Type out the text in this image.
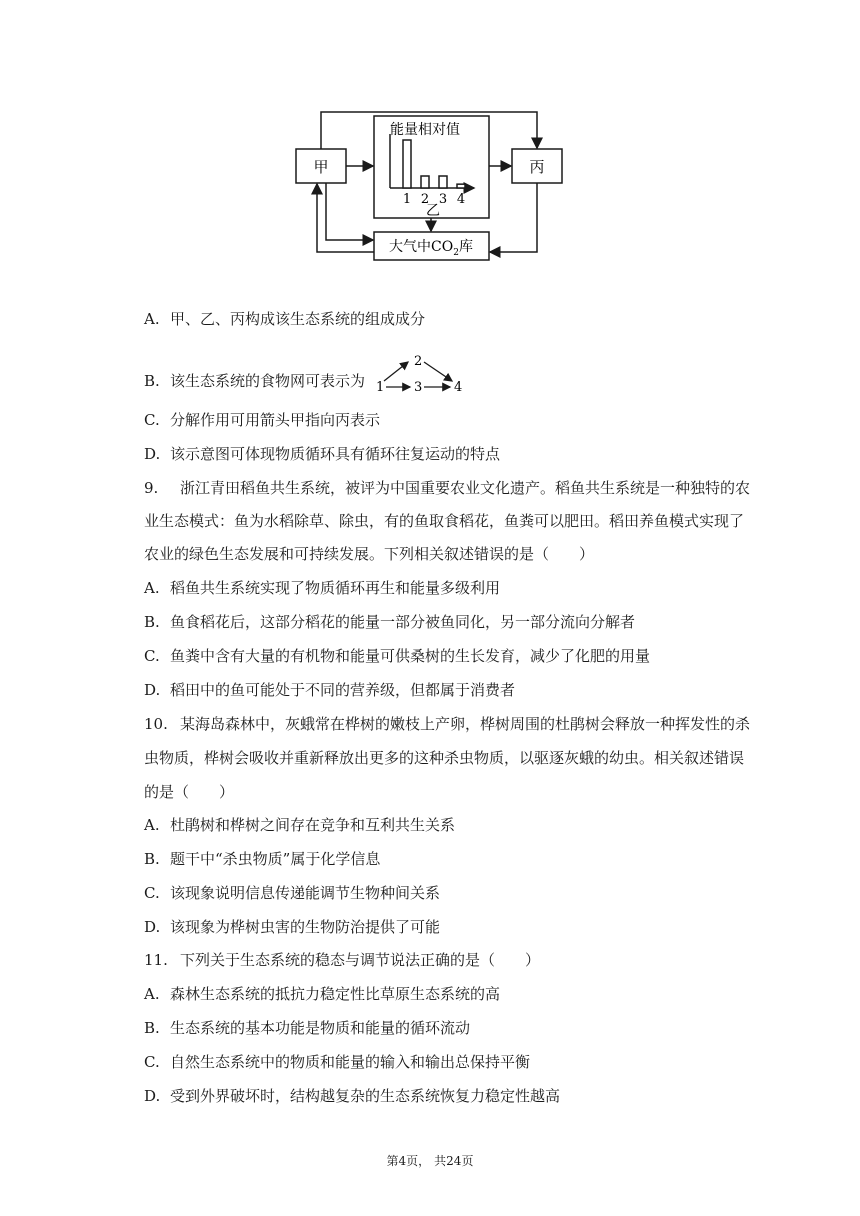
甲
能量相对值
1 2 3 4
乙
丙
大气中$CO_2$库
A. 甲、乙、丙构成该生态系统的组成成分
B. 该生态系统的食物网可表示为 1
2
3 4
C. 分解作用可用箭头甲指向丙表示
D. 该示意图可体现物质循环具有循环往复运动的特点
9. 浙江青田稻鱼共生系统，被评为中国重要农业文化遗产。稻鱼共生系统是一种独特的农
业生态模式：鱼为水稻除草、除虫，有的鱼取食稻花，鱼粪可以肥田。稻田养鱼模式实现了
农业的绿色生态发展和可持续发展。下列相关叙述错误的是（　　）
A. 稻鱼共生系统实现了物质循环再生和能量多级利用
B. 鱼食稻花后，这部分稻花的能量一部分被鱼同化，另一部分流向分解者
C. 鱼粪中含有大量的有机物和能量可供桑树的生长发育，减少了化肥的用量
D. 稻田中的鱼可能处于不同的营养级，但都属于消费者
10. 某海岛森林中，灰蛾常在桦树的嫩枝上产卵，桦树周围的杜鹃树会释放一种挥发性的杀
虫物质，桦树会吸收并重新释放出更多的这种杀虫物质，以驱逐灰蛾的幼虫。相关叙述错误
的是（　　）
A. 杜鹃树和桦树之间存在竞争和互利共生关系
B. 题干中“杀虫物质”属于化学信息
C. 该现象说明信息传递能调节生物种间关系
D. 该现象为桦树虫害的生物防治提供了可能
11. 下列关于生态系统的稳态与调节说法正确的是（　　）
A. 森林生态系统的抵抗力稳定性比草原生态系统的高
B. 生态系统的基本功能是物质和能量的循环流动
C. 自然生态系统中的物质和能量的输入和输出总保持平衡
D. 受到外界破坏时，结构越复杂的生态系统恢复力稳定性越高
第4页， 共24页
